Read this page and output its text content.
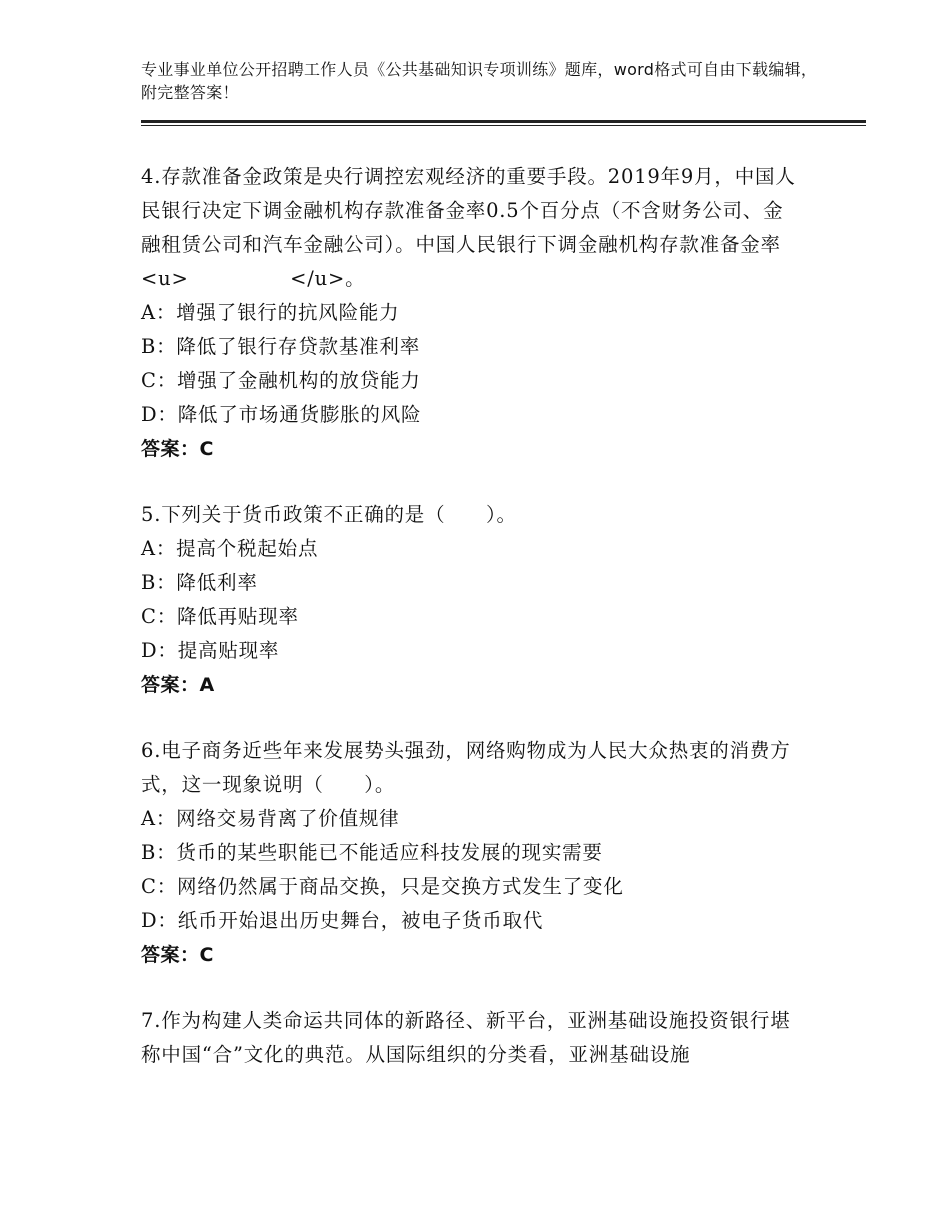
专业事业单位公开招聘工作人员《公共基础知识专项训练》题库，word格式可自由下载编辑，附完整答案！

4.存款准备金政策是央行调控宏观经济的重要手段。2019年9月，中国人民银行决定下调金融机构存款准备金率0.5个百分点（不含财务公司、金融租赁公司和汽车金融公司）。中国人民银行下调金融机构存款准备金率<u>　　　　　</u>。

A：增强了银行的抗风险能力

B：降低了银行存贷款基准利率

C：增强了金融机构的放贷能力

D：降低了市场通货膨胀的风险

答案：C

5.下列关于货币政策不正确的是（　　）。

A：提高个税起始点

B：降低利率

C：降低再贴现率

D：提高贴现率

答案：A

6.电子商务近些年来发展势头强劲，网络购物成为人民大众热衷的消费方式，这一现象说明（　　）。

A：网络交易背离了价值规律

B：货币的某些职能已不能适应科技发展的现实需要

C：网络仍然属于商品交换，只是交换方式发生了变化

D：纸币开始退出历史舞台，被电子货币取代

答案：C

7.作为构建人类命运共同体的新路径、新平台，亚洲基础设施投资银行堪称中国“合”文化的典范。从国际组织的分类看，亚洲基础设施
